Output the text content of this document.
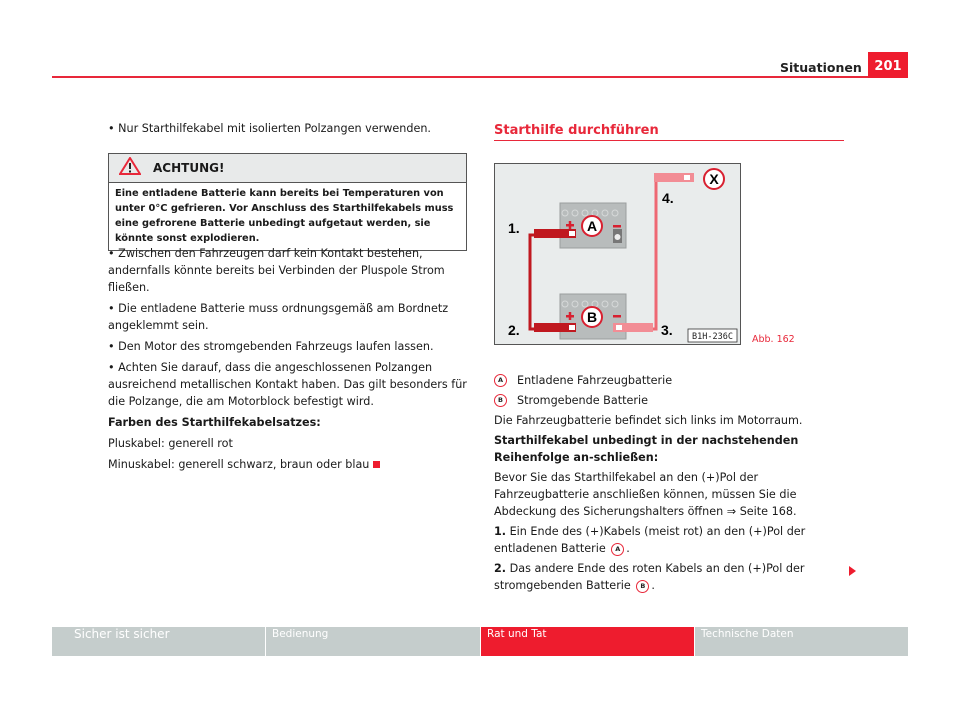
Situationen 201

• Nur Starthilfekabel mit isolierten Polzangen verwenden.

ACHTUNG!
Eine entladene Batterie kann bereits bei Temperaturen von unter 0°C gefrieren. Vor Anschluss des Starthilfekabels muss eine gefrorene Batterie unbedingt aufgetaut werden, sie könnte sonst explodieren.

• Zwischen den Fahrzeugen darf kein Kontakt bestehen, andernfalls könnte bereits bei Verbinden der Pluspole Strom fließen.

• Die entladene Batterie muss ordnungsgemäß am Bordnetz angeklemmt sein.

• Den Motor des stromgebenden Fahrzeugs laufen lassen.

• Achten Sie darauf, dass die angeschlossenen Polzangen ausreichend metallischen Kontakt haben. Das gilt besonders für die Polzange, die am Motorblock befestigt wird.

Farben des Starthilfekabelsatzes:

Pluskabel: generell rot

Minuskabel: generell schwarz, braun oder blau

Starthilfe durchführen
A
B
X
1.
2.	3.
4.
B1H-236C Abb. 162

A	Entladene Fahrzeugbatterie

B	Stromgebende Batterie

Die Fahrzeugbatterie befindet sich links im Motorraum.

Starthilfekabel unbedingt in der nachstehenden Reihenfolge an-schließen:

Bevor Sie das Starthilfekabel an den (+)Pol der Fahrzeugbatterie anschließen können, müssen Sie die Abdeckung des Sicherungshalters öffnen ⇒ Seite 168.

1. Ein Ende des (+)Kabels (meist rot) an den (+)Pol der entladenen Batterie A .

2. Das andere Ende des roten Kabels an den (+)Pol der stromgebenden Batterie B .

Sicher ist sicher	Bedienung	Rat und Tat	Technische Daten
